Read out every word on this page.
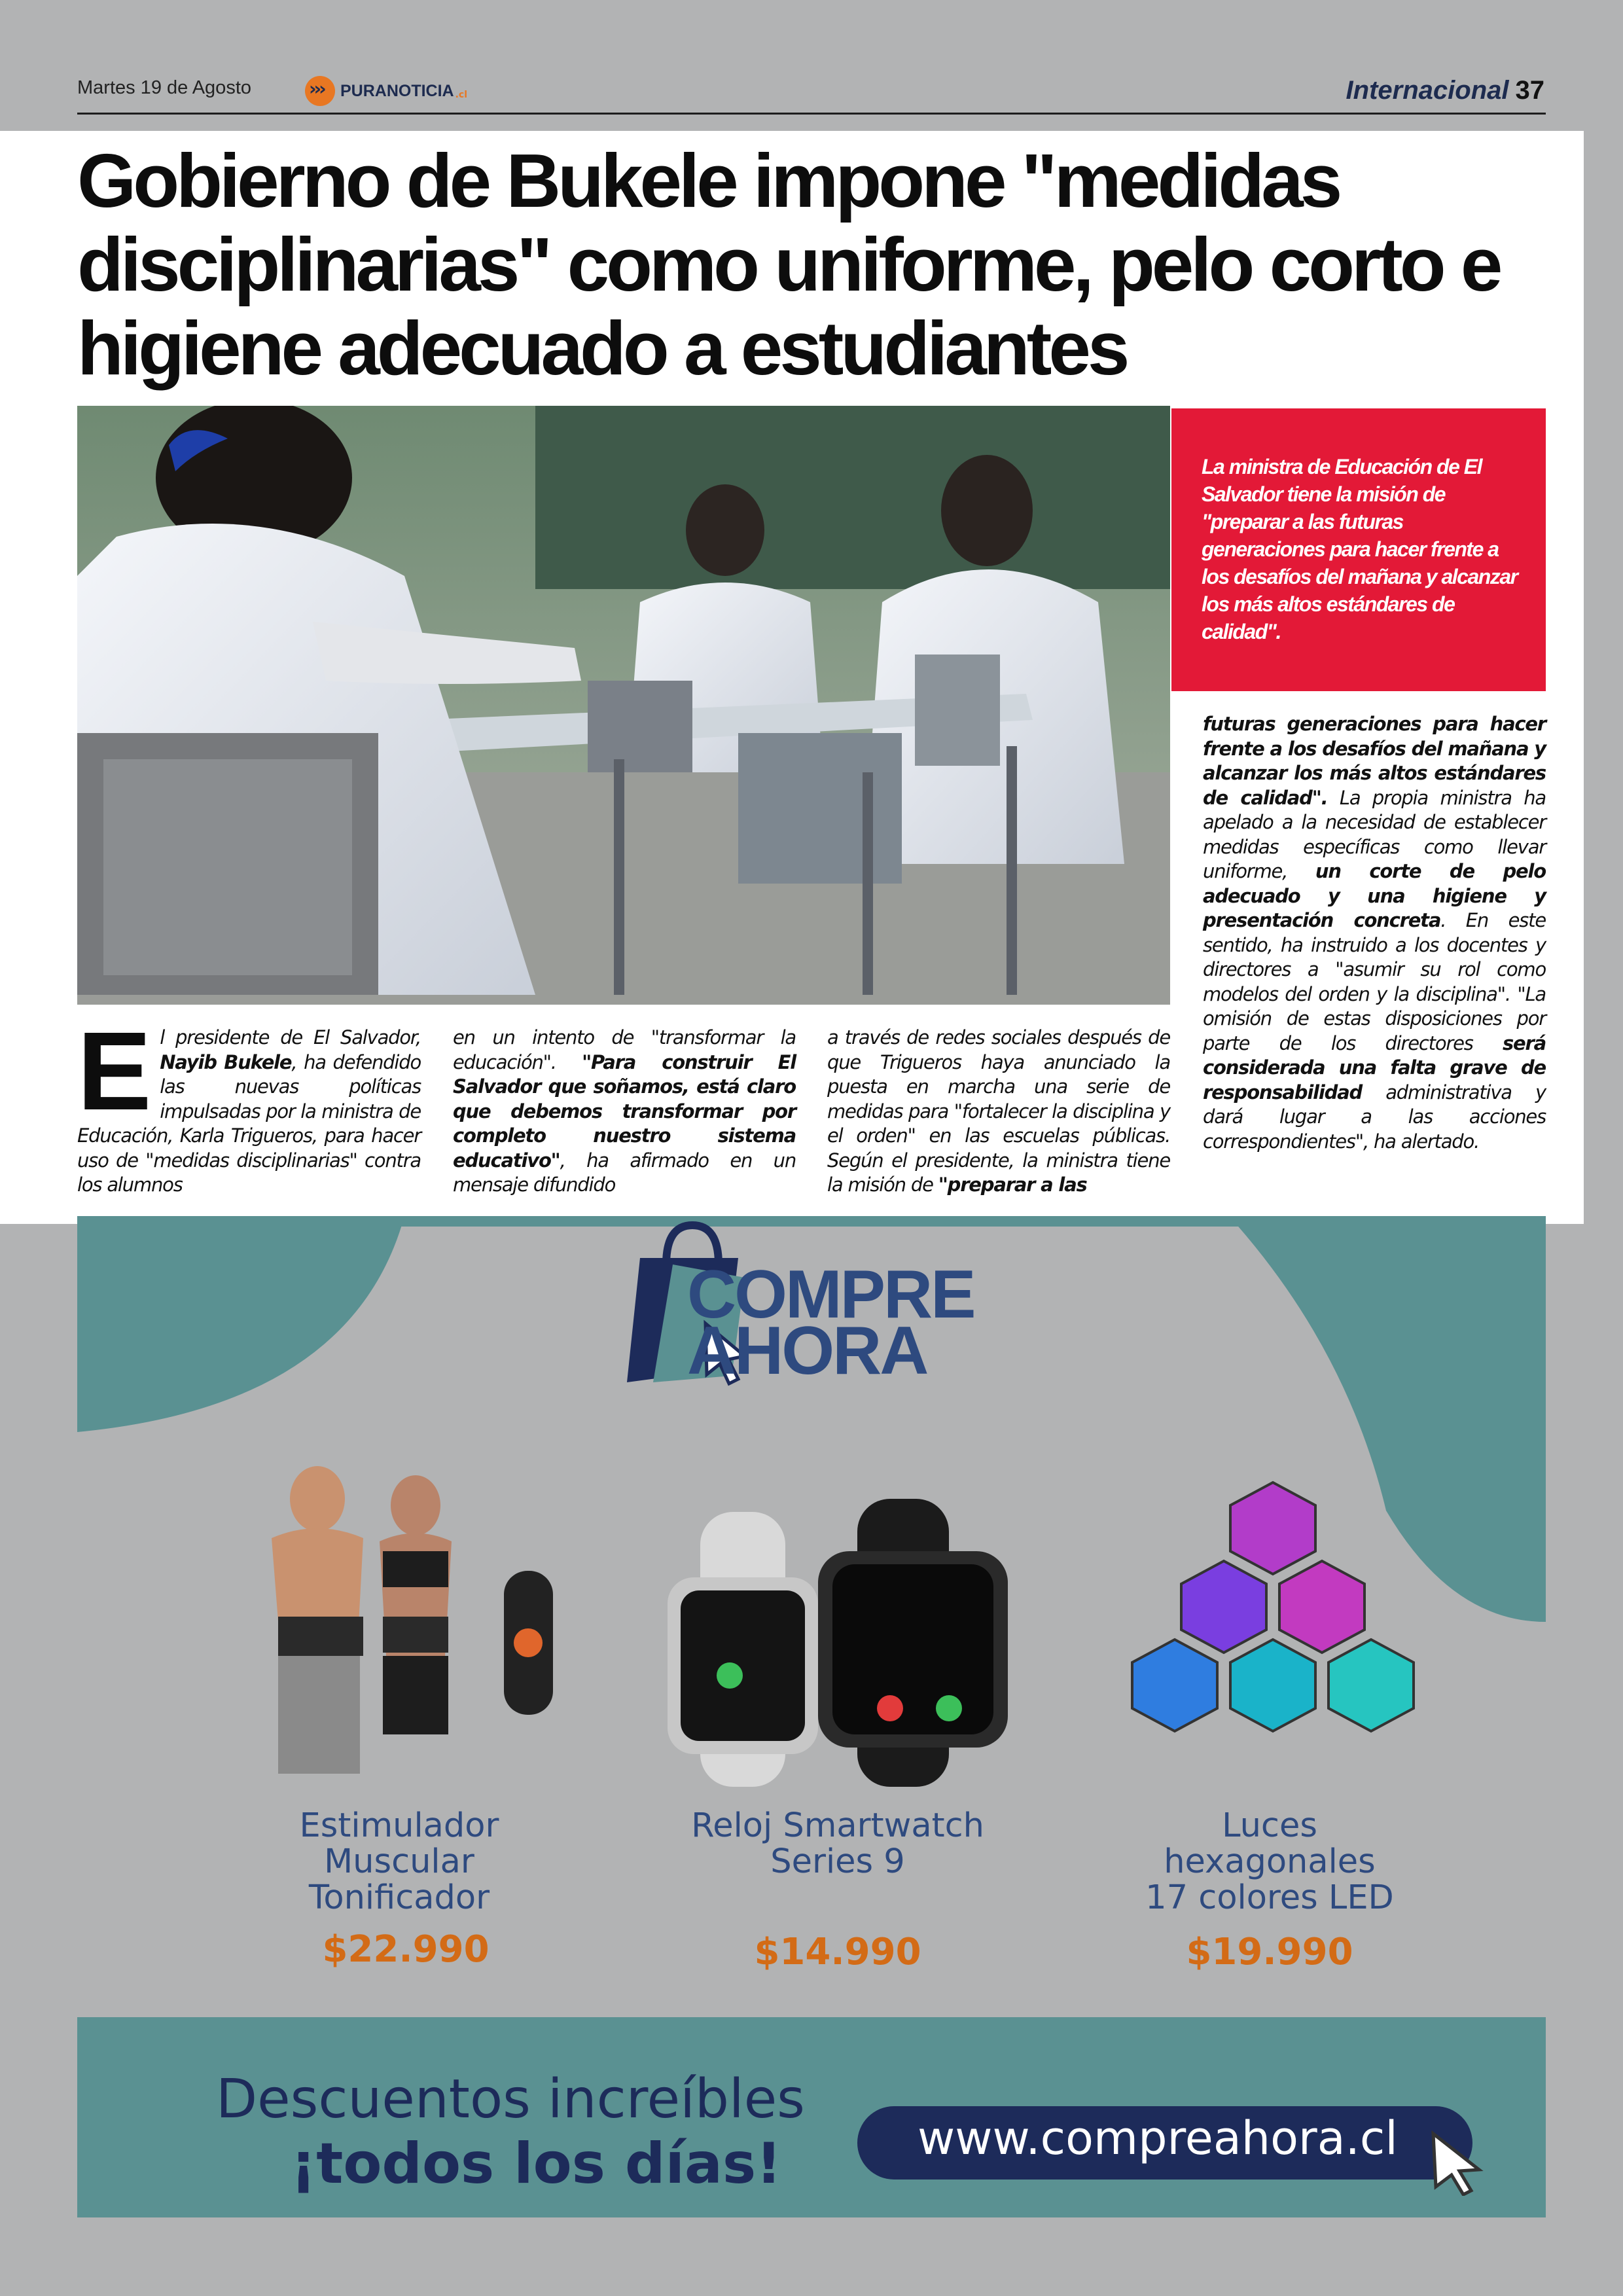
Martes 19 de Agosto
›››	PURANOTICIA .cl	Internacional 37
Gobierno de Bukele impone "medidas disciplinarias" como uniforme, pelo corto e higiene adecuado a estudiantes

La ministra de Educación de El Salvador tiene la misión de "preparar a las futuras generaciones para hacer frente a los desafíos del mañana y alcanzar los más altos estándares de calidad".

El presidente de El Salvador, Nayib Bukele, ha defendido las nuevas políticas impulsadas por la ministra de Educación, Karla Trigueros, para hacer uso de "medidas disciplinarias" contra los alumnos

en un intento de "transformar la educación". "Para construir El Salvador que soñamos, está claro que debemos transformar por completo nuestro sistema educativo", ha afirmado en un mensaje difundido

a través de redes sociales después de que Trigueros haya anunciado la puesta en marcha una serie de medidas para "fortalecer la disciplina y el orden" en las escuelas públicas. Según el presidente, la ministra tiene la misión de "preparar a las

futuras generaciones para hacer frente a los desafíos del mañana y alcanzar los más altos estándares de calidad". La propia ministra ha apelado a la necesidad de establecer medidas específicas como llevar uniforme, un corte de pelo adecuado y una higiene y presentación concreta. En este sentido, ha instruido a los docentes y directores a "asumir su rol como modelos del orden y la disciplina". "La omisión de estas disposiciones por parte de los directores será considerada una falta grave de responsabilidad administrativa y dará lugar a las acciones correspondientes", ha alertado.

COMPRE
AHORA

Estimulador
Muscular
Tonificador

$22.990

Reloj Smartwatch
Series 9

$14.990

Luces
hexagonales
17 colores LED

$19.990
Descuentos increíbles
¡todos los días!	www.compreahora.cl
